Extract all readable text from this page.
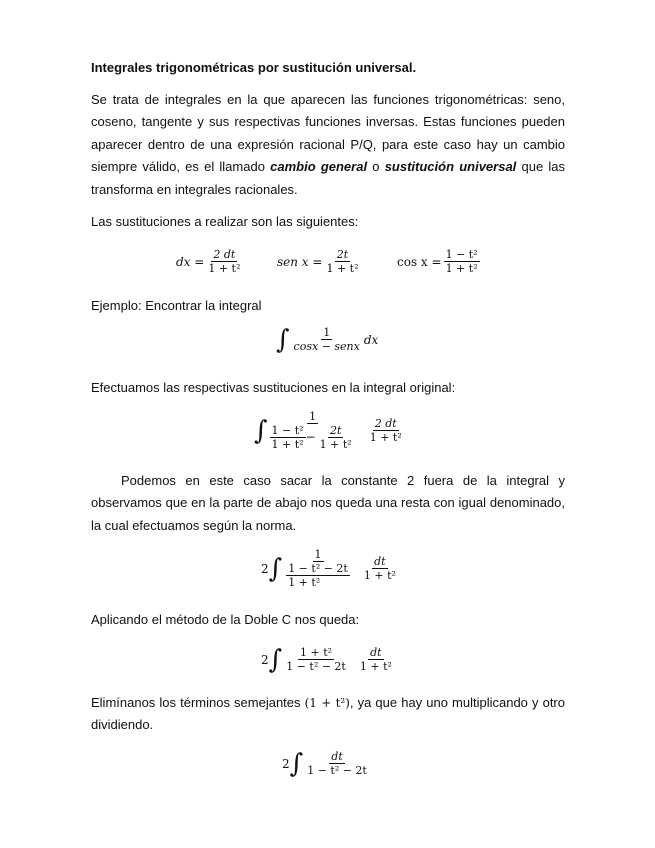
Integrales trigonométricas por sustitución universal.
Se trata de integrales en la que aparecen las funciones trigonométricas: seno, coseno, tangente y sus respectivas funciones inversas. Estas funciones pueden aparecer dentro de una expresión racional P/Q, para este caso hay un cambio siempre válido, es el llamado cambio general o sustitución universal que las transforma en integrales racionales.
Las sustituciones a realizar son las siguientes:
dx = $\frac{2 dt}{\text{1 + t²}}$	sen $x = \frac{2t}{\text{1 + t²}}$	$\cos x = \frac{\text{1 − t²}}{\text{1 + t²}}$
Ejemplo: Encontrar la integral
∫ $\frac{1}{\text{cosx − senx}}$ dx
Efectuamos las respectivas sustituciones en la integral original:
∫ $\frac{1}{\frac{\text{1 − t²}}{\text{1 + t²}} - \frac{2t}{\text{1 + t²}}} \frac{2 dt}{\text{1 + t²}}$
Podemos en este caso sacar la constante 2 fuera de la integral y observamos que en la parte de abajo nos queda una resta con igual denominado, la cual efectuamos según la norma.
2 ∫ $\frac{1}{\frac{\text{1 − t² − 2t}}{\text{1 + t²}}} \frac{dt}{\text{1 + t²}}$
Aplicando el método de la Doble C nos queda:
2 ∫ $\frac{\text{1 + t²}}{\text{1 − t² − 2t}} \frac{dt}{\text{1 + t²}}$
Elimínanos los términos semejantes (1 + t²), ya que hay uno multiplicando y otro dividiendo.
2 ∫ $\frac{dt}{\text{1 − t² − 2t}}$
